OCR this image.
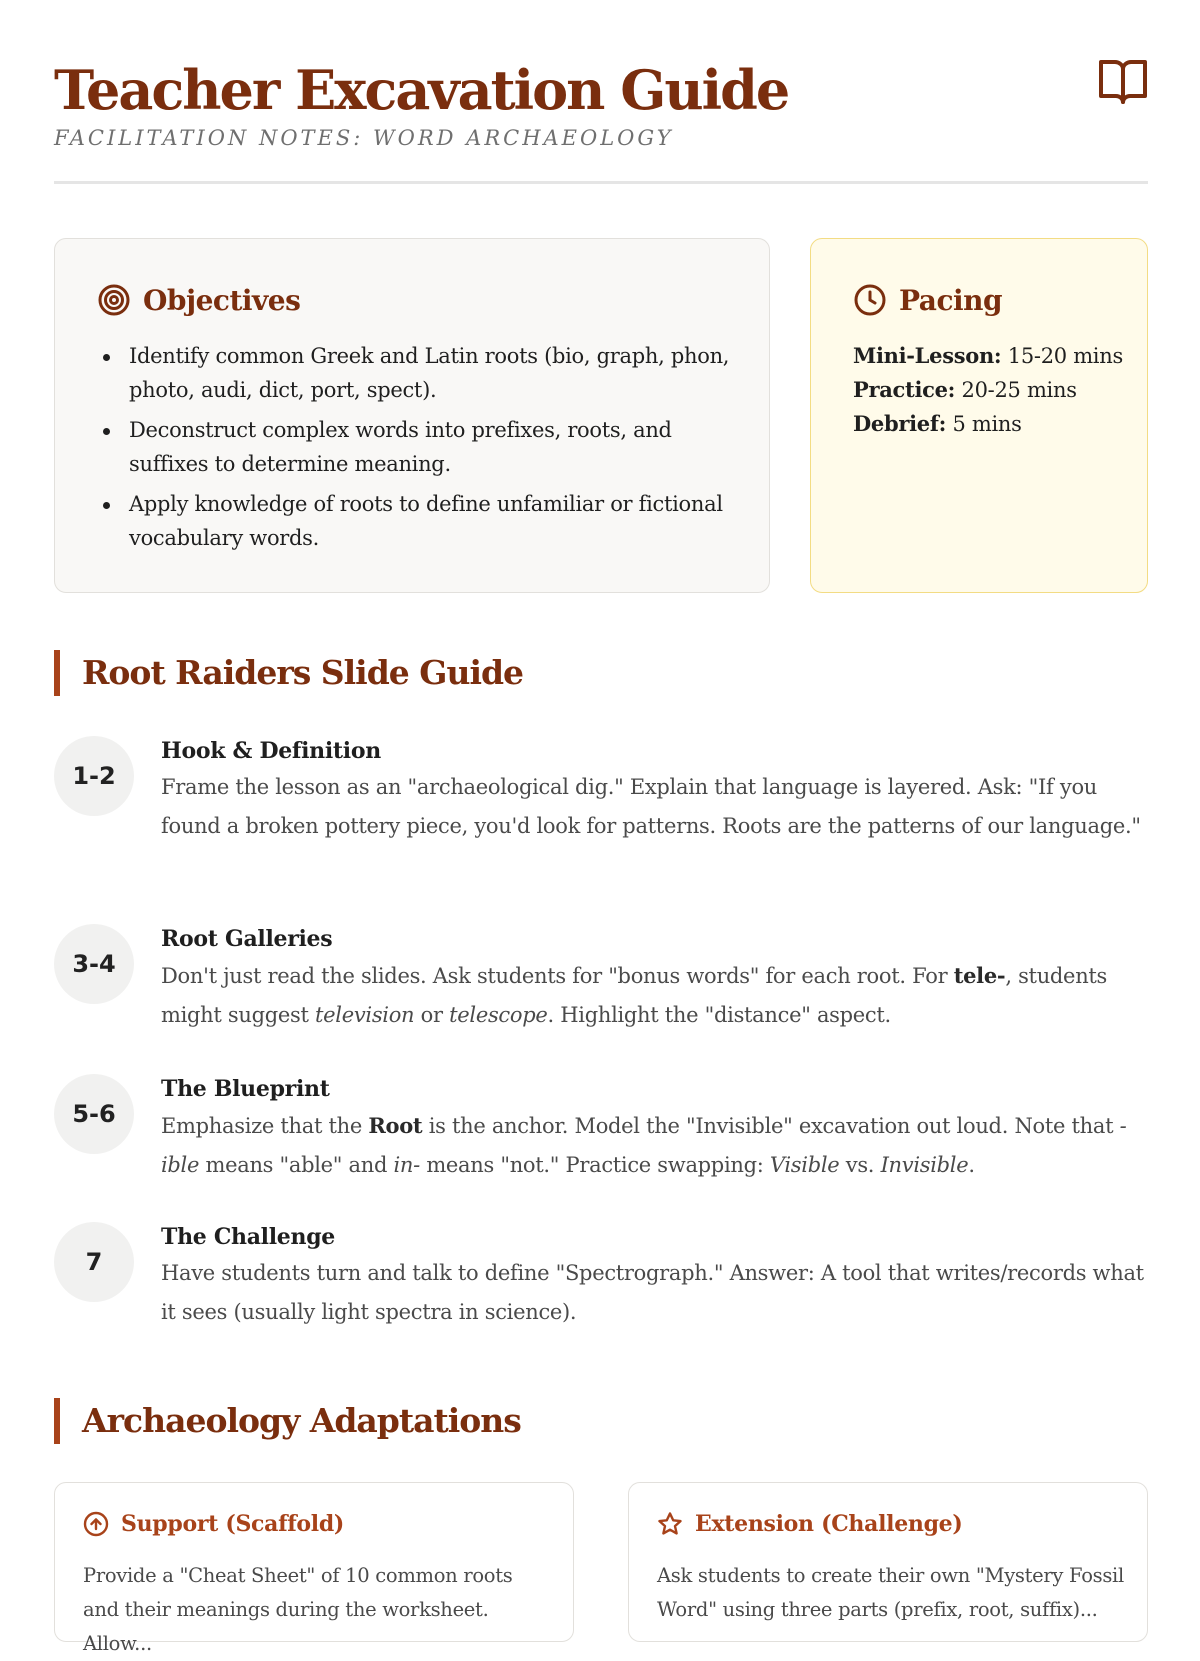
Teacher Excavation Guide
FACILITATION NOTES: WORD ARCHAEOLOGY
Objectives
Identify common Greek and Latin roots (bio, graph, phon, photo, audi, dict, port, spect).
Deconstruct complex words into prefixes, roots, and suffixes to determine meaning.
Apply knowledge of roots to define unfamiliar or fictional vocabulary words.
Pacing
Mini-Lesson: 15-20 mins
Practice: 20-25 mins
Debrief: 5 mins
Root Raiders Slide Guide
1-2
Hook & Definition
Frame the lesson as an "archaeological dig." Explain that language is layered. Ask: "If you found a broken pottery piece, you'd look for patterns. Roots are the patterns of our language."
3-4
Root Galleries
Don't just read the slides. Ask students for "bonus words" for each root. For tele-, students might suggest television or telescope. Highlight the "distance" aspect.
5-6
The Blueprint
Emphasize that the Root is the anchor. Model the "Invisible" excavation out loud. Note that -ible means "able" and in- means "not." Practice swapping: Visible vs. Invisible.
7
The Challenge
Have students turn and talk to define "Spectrograph." Answer: A tool that writes/records what it sees (usually light spectra in science).
Archaeology Adaptations
Support (Scaffold)
Provide a "Cheat Sheet" of 10 common roots and their meanings during the worksheet. Allow...
Extension (Challenge)
Ask students to create their own "Mystery Fossil Word" using three parts (prefix, root, suffix)...
